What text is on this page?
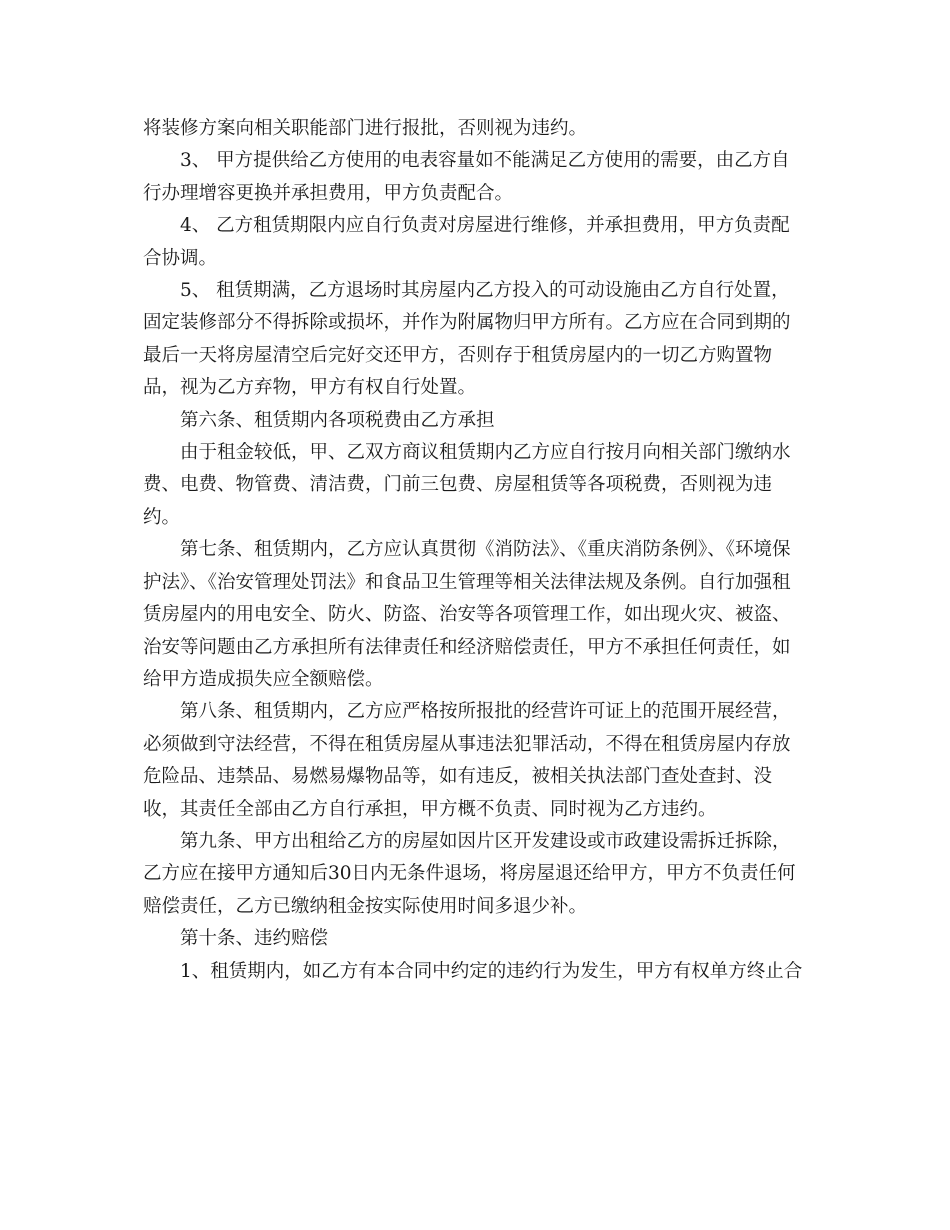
将装修方案向相关职能部门进行报批，否则视为违约。

3、 甲方提供给乙方使用的电表容量如不能满足乙方使用的需要，由乙方自行办理增容更换并承担费用，甲方负责配合。

4、 乙方租赁期限内应自行负责对房屋进行维修，并承担费用，甲方负责配合协调。

5、 租赁期满，乙方退场时其房屋内乙方投入的可动设施由乙方自行处置，固定装修部分不得拆除或损坏，并作为附属物归甲方所有。乙方应在合同到期的最后一天将房屋清空后完好交还甲方，否则存于租赁房屋内的一切乙方购置物品，视为乙方弃物，甲方有权自行处置。

第六条、租赁期内各项税费由乙方承担

由于租金较低，甲、乙双方商议租赁期内乙方应自行按月向相关部门缴纳水费、电费、物管费、清洁费，门前三包费、房屋租赁等各项税费，否则视为违约。

第七条、租赁期内，乙方应认真贯彻《消防法》、《重庆消防条例》、《环境保护法》、《治安管理处罚法》和食品卫生管理等相关法律法规及条例。自行加强租赁房屋内的用电安全、防火、防盗、治安等各项管理工作，如出现火灾、被盗、治安等问题由乙方承担所有法律责任和经济赔偿责任，甲方不承担任何责任，如给甲方造成损失应全额赔偿。

第八条、租赁期内，乙方应严格按所报批的经营许可证上的范围开展经营，必须做到守法经营，不得在租赁房屋从事违法犯罪活动，不得在租赁房屋内存放危险品、违禁品、易燃易爆物品等，如有违反，被相关执法部门查处查封、没收，其责任全部由乙方自行承担，甲方概不负责、同时视为乙方违约。

第九条、甲方出租给乙方的房屋如因片区开发建设或市政建设需拆迁拆除，乙方应在接甲方通知后30日内无条件退场，将房屋退还给甲方，甲方不负责任何赔偿责任，乙方已缴纳租金按实际使用时间多退少补。

第十条、违约赔偿

1、租赁期内，如乙方有本合同中约定的违约行为发生，甲方有权单方终止合
